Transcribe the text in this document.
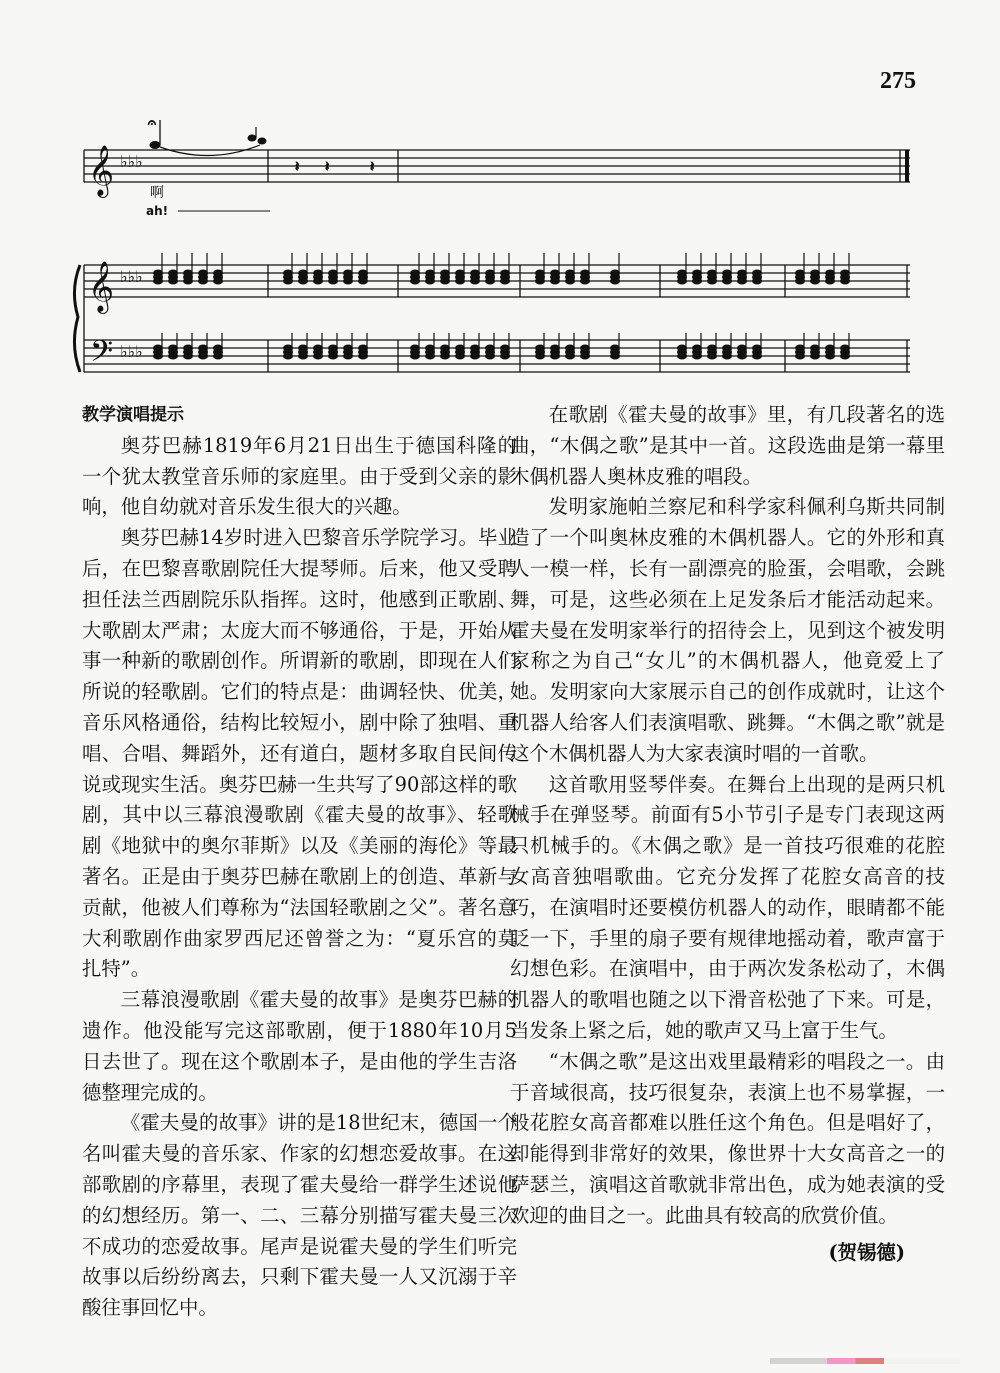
275
𝄞 ♭♭♭
𝄐
𝄽 𝄽	𝄽
啊
ah!
𝄞 ♭♭♭
𝄢 ♭♭♭

教学演唱提示

奥芬巴赫1819年6月21日出生于德国科隆的一个犹太教堂音乐师的家庭里。由于受到父亲的影响，他自幼就对音乐发生很大的兴趣。

奥芬巴赫14岁时进入巴黎音乐学院学习。毕业后，在巴黎喜歌剧院任大提琴师。后来，他又受聘担任法兰西剧院乐队指挥。这时，他感到正歌剧、大歌剧太严肃；太庞大而不够通俗，于是，开始从事一种新的歌剧创作。所谓新的歌剧，即现在人们所说的轻歌剧。它们的特点是：曲调轻快、优美，音乐风格通俗，结构比较短小，剧中除了独唱、重唱、合唱、舞蹈外，还有道白，题材多取自民间传说或现实生活。奥芬巴赫一生共写了90部这样的歌剧，其中以三幕浪漫歌剧《霍夫曼的故事》、轻歌剧《地狱中的奥尔菲斯》以及《美丽的海伦》等最著名。正是由于奥芬巴赫在歌剧上的创造、革新与贡献，他被人们尊称为“法国轻歌剧之父”。著名意大利歌剧作曲家罗西尼还曾誉之为：“夏乐宫的莫扎特”。

三幕浪漫歌剧《霍夫曼的故事》是奥芬巴赫的遗作。他没能写完这部歌剧，便于1880年10月5日去世了。现在这个歌剧本子，是由他的学生吉洛德整理完成的。

《霍夫曼的故事》讲的是18世纪末，德国一个名叫霍夫曼的音乐家、作家的幻想恋爱故事。在这部歌剧的序幕里，表现了霍夫曼给一群学生述说他的幻想经历。第一、二、三幕分别描写霍夫曼三次不成功的恋爱故事。尾声是说霍夫曼的学生们听完故事以后纷纷离去，只剩下霍夫曼一人又沉溺于辛酸往事回忆中。

在歌剧《霍夫曼的故事》里，有几段著名的选曲，“木偶之歌”是其中一首。这段选曲是第一幕里木偶机器人奥林皮雅的唱段。

发明家施帕兰察尼和科学家科佩利乌斯共同制造了一个叫奥林皮雅的木偶机器人。它的外形和真人一模一样，长有一副漂亮的脸蛋，会唱歌，会跳舞，可是，这些必须在上足发条后才能活动起来。霍夫曼在发明家举行的招待会上，见到这个被发明家称之为自己“女儿”的木偶机器人，他竟爱上了她。发明家向大家展示自己的创作成就时，让这个机器人给客人们表演唱歌、跳舞。“木偶之歌”就是这个木偶机器人为大家表演时唱的一首歌。

这首歌用竖琴伴奏。在舞台上出现的是两只机械手在弹竖琴。前面有5小节引子是专门表现这两只机械手的。《木偶之歌》是一首技巧很难的花腔女高音独唱歌曲。它充分发挥了花腔女高音的技巧，在演唱时还要模仿机器人的动作，眼睛都不能眨一下，手里的扇子要有规律地摇动着，歌声富于幻想色彩。在演唱中，由于两次发条松动了，木偶机器人的歌唱也随之以下滑音松弛了下来。可是，当发条上紧之后，她的歌声又马上富于生气。

“木偶之歌”是这出戏里最精彩的唱段之一。由于音域很高，技巧很复杂，表演上也不易掌握，一般花腔女高音都难以胜任这个角色。但是唱好了，却能得到非常好的效果，像世界十大女高音之一的萨瑟兰，演唱这首歌就非常出色，成为她表演的受欢迎的曲目之一。此曲具有较高的欣赏价值。

(贺锡德)
